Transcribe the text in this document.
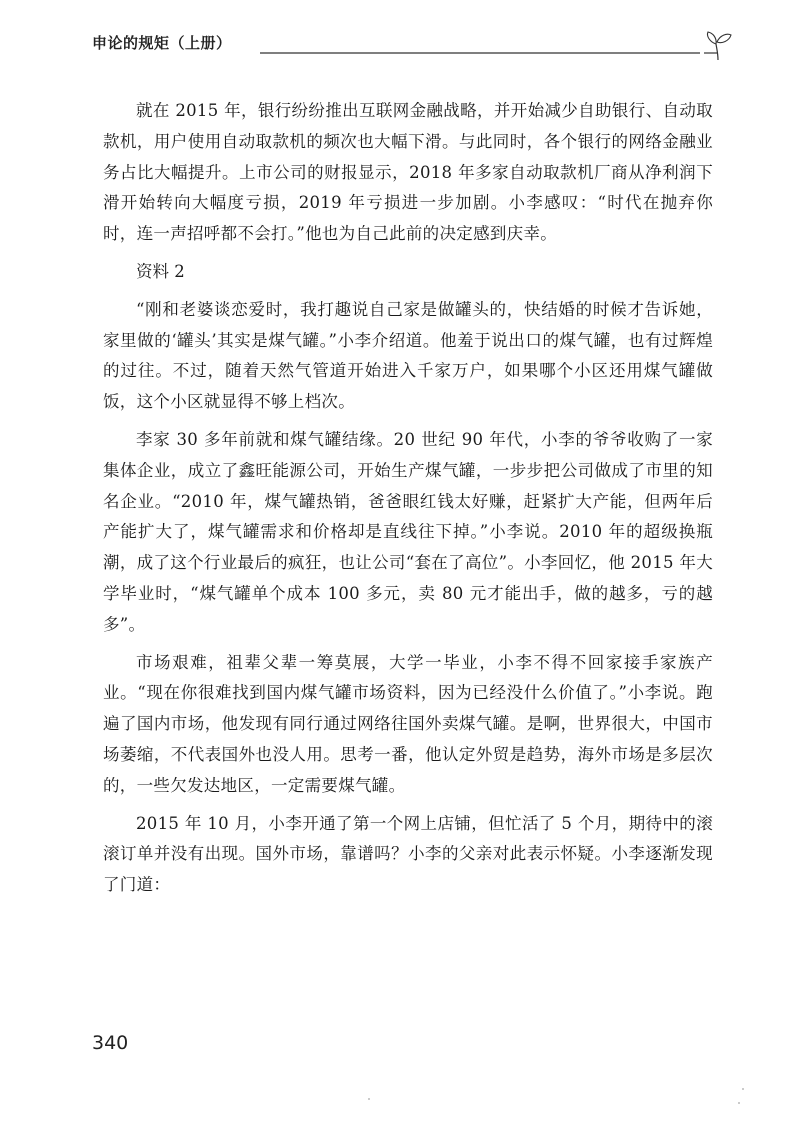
申论的规矩（上册）

就在 2015 年，银行纷纷推出互联网金融战略，并开始减少自助银行、自动取款机，用户使用自动取款机的频次也大幅下滑。与此同时，各个银行的网络金融业务占比大幅提升。上市公司的财报显示，2018 年多家自动取款机厂商从净利润下滑开始转向大幅度亏损，2019 年亏损进一步加剧。小李感叹：“时代在抛弃你时，连一声招呼都不会打。”他也为自己此前的决定感到庆幸。

资料 2

“刚和老婆谈恋爱时，我打趣说自己家是做罐头的，快结婚的时候才告诉她，家里做的‘罐头’其实是煤气罐。”小李介绍道。他羞于说出口的煤气罐，也有过辉煌的过往。不过，随着天然气管道开始进入千家万户，如果哪个小区还用煤气罐做饭，这个小区就显得不够上档次。

李家 30 多年前就和煤气罐结缘。20 世纪 90 年代，小李的爷爷收购了一家集体企业，成立了鑫旺能源公司，开始生产煤气罐，一步步把公司做成了市里的知名企业。“2010 年，煤气罐热销，爸爸眼红钱太好赚，赶紧扩大产能，但两年后产能扩大了，煤气罐需求和价格却是直线往下掉。”小李说。2010 年的超级换瓶潮，成了这个行业最后的疯狂，也让公司“套在了高位”。小李回忆，他 2015 年大学毕业时，“煤气罐单个成本 100 多元，卖 80 元才能出手，做的越多，亏的越多”。

市场艰难，祖辈父辈一筹莫展，大学一毕业，小李不得不回家接手家族产业。“现在你很难找到国内煤气罐市场资料，因为已经没什么价值了。”小李说。跑遍了国内市场，他发现有同行通过网络往国外卖煤气罐。是啊，世界很大，中国市场萎缩，不代表国外也没人用。思考一番，他认定外贸是趋势，海外市场是多层次的，一些欠发达地区，一定需要煤气罐。

2015 年 10 月，小李开通了第一个网上店铺，但忙活了 5 个月，期待中的滚滚订单并没有出现。国外市场，靠谱吗？小李的父亲对此表示怀疑。小李逐渐发现了门道：

340
